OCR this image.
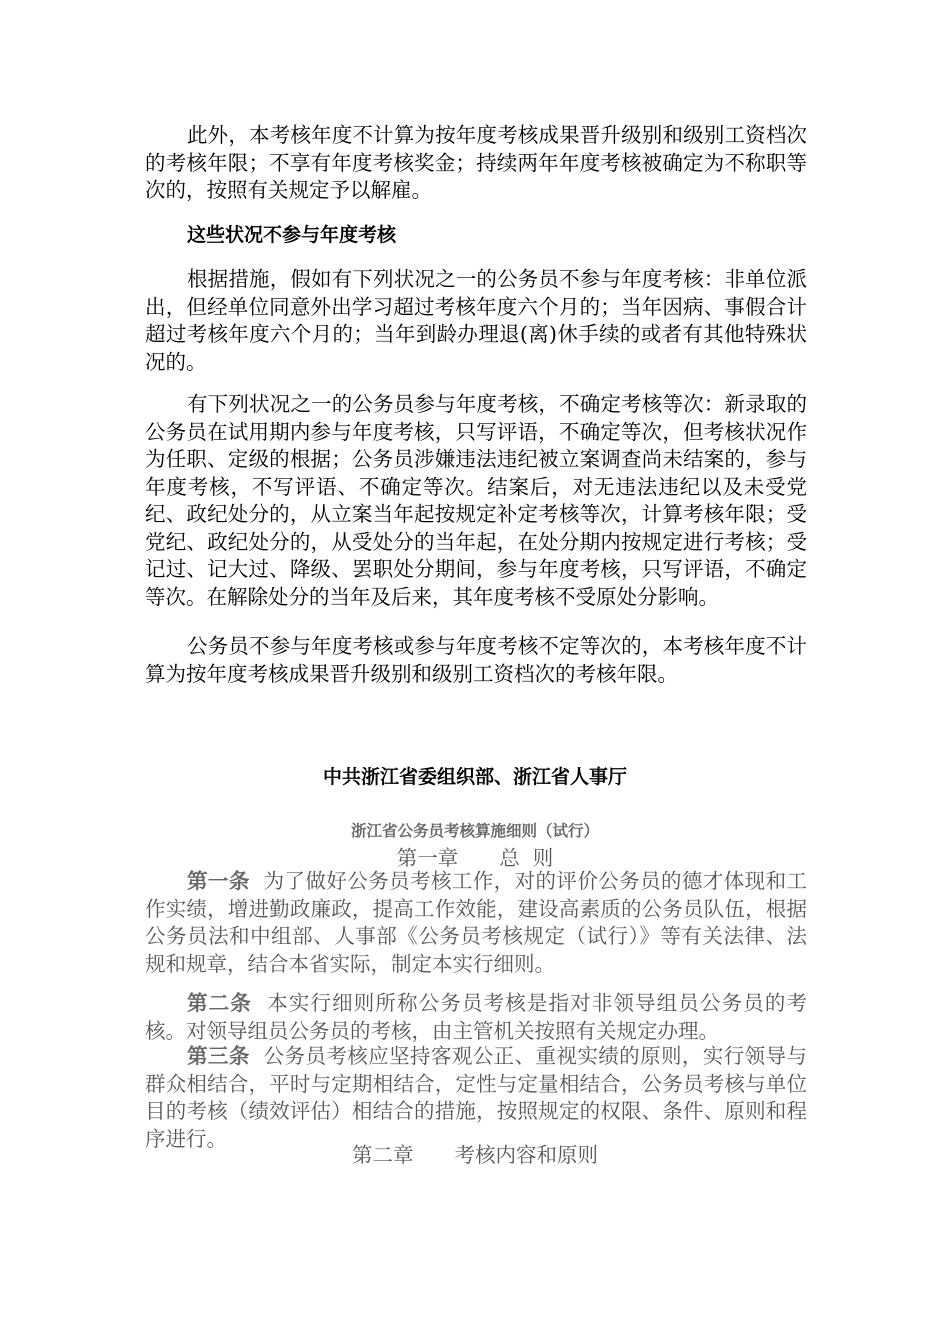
此外，本考核年度不计算为按年度考核成果晋升级别和级别工资档次的考核年限；不享有年度考核奖金；持续两年年度考核被确定为不称职等次的，按照有关规定予以解雇。

这些状况不参与年度考核

根据措施，假如有下列状况之一的公务员不参与年度考核：非单位派出，但经单位同意外出学习超过考核年度六个月的；当年因病、事假合计超过考核年度六个月的；当年到龄办理退(离)休手续的或者有其他特殊状况的。

有下列状况之一的公务员参与年度考核，不确定考核等次：新录取的公务员在试用期内参与年度考核，只写评语，不确定等次，但考核状况作为任职、定级的根据；公务员涉嫌违法违纪被立案调查尚未结案的，参与年度考核，不写评语、不确定等次。结案后，对无违法违纪以及未受党纪、政纪处分的，从立案当年起按规定补定考核等次，计算考核年限；受党纪、政纪处分的，从受处分的当年起，在处分期内按规定进行考核；受记过、记大过、降级、罢职处分期间，参与年度考核，只写评语，不确定等次。在解除处分的当年及后来，其年度考核不受原处分影响。

公务员不参与年度考核或参与年度考核不定等次的，本考核年度不计算为按年度考核成果晋升级别和级别工资档次的考核年限。

中共浙江省委组织部、浙江省人事厅
浙江省公务员考核算施细则（试行）
第一章　　总  则

第一条  为了做好公务员考核工作，对的评价公务员的德才体现和工作实绩，增进勤政廉政，提高工作效能，建设高素质的公务员队伍，根据公务员法和中组部、人事部《公务员考核规定（试行）》等有关法律、法规和规章，结合本省实际，制定本实行细则。

第二条  本实行细则所称公务员考核是指对非领导组员公务员的考核。对领导组员公务员的考核，由主管机关按照有关规定办理。

第三条  公务员考核应坚持客观公正、重视实绩的原则，实行领导与群众相结合，平时与定期相结合，定性与定量相结合，公务员考核与单位目的考核（绩效评估）相结合的措施，按照规定的权限、条件、原则和程序进行。

第二章　　考核内容和原则
